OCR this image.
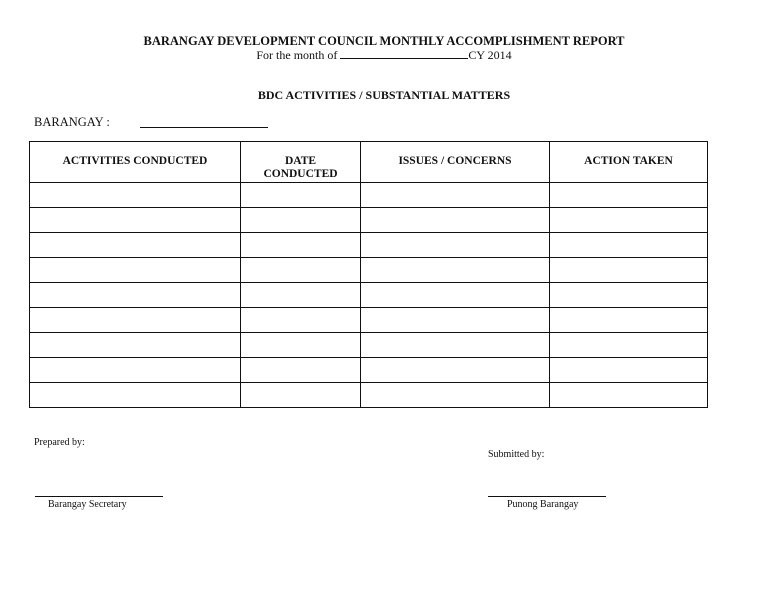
BARANGAY DEVELOPMENT COUNCIL MONTHLY ACCOMPLISHMENT REPORT
For the month of	CY 2014
BDC ACTIVITIES / SUBSTANTIAL MATTERS
BARANGAY :
ACTIVITIES CONDUCTED	DATE CONDUCTED	ISSUES / CONCERNS	ACTION TAKEN

Prepared by:
Submitted by:
Barangay Secretary	Punong Barangay
